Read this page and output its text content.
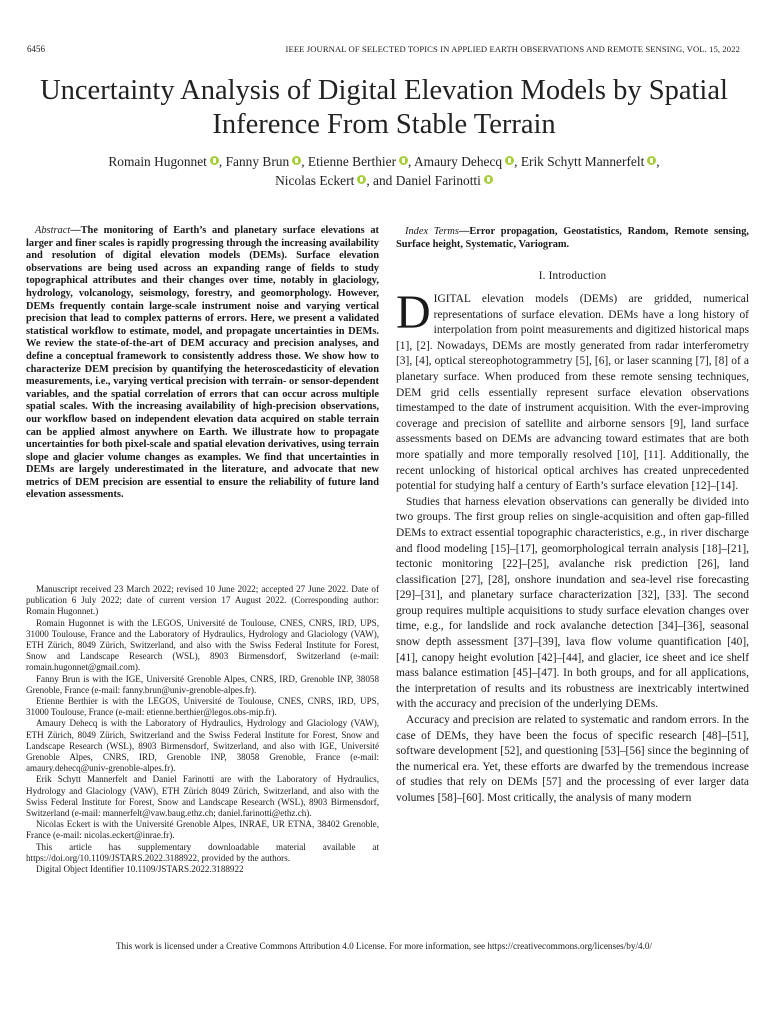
6456	IEEE JOURNAL OF SELECTED TOPICS IN APPLIED EARTH OBSERVATIONS AND REMOTE SENSING, VOL. 15, 2022
Uncertainty Analysis of Digital Elevation Models by Spatial Inference From Stable Terrain
Romain Hugonnet , Fanny Brun , Etienne Berthier , Amaury Dehecq , Erik Schytt Mannerfelt ,
Nicolas Eckert , and Daniel Farinotti
Abstract—The monitoring of Earth’s and planetary surface elevations at larger and finer scales is rapidly progressing through the increasing availability and resolution of digital elevation models (DEMs). Surface elevation observations are being used across an expanding range of fields to study topographical attributes and their changes over time, notably in glaciology, hydrology, volcanology, seismology, forestry, and geomorphology. However, DEMs frequently contain large-scale instrument noise and varying vertical precision that lead to complex patterns of errors. Here, we present a validated statistical workflow to estimate, model, and propagate uncertainties in DEMs. We review the state-of-the-art of DEM accuracy and precision analyses, and define a conceptual framework to consistently address those. We show how to characterize DEM precision by quantifying the heteroscedasticity of elevation measurements, i.e., varying vertical precision with terrain- or sensor-dependent variables, and the spatial correlation of errors that can occur across multiple spatial scales. With the increasing availability of high-precision observations, our workflow based on independent elevation data acquired on stable terrain can be applied almost anywhere on Earth. We illustrate how to propagate uncertainties for both pixel-scale and spatial elevation derivatives, using terrain slope and glacier volume changes as examples. We find that uncertainties in DEMs are largely underestimated in the literature, and advocate that new metrics of DEM precision are essential to ensure the reliability of future land elevation assessments.

Manuscript received 23 March 2022; revised 10 June 2022; accepted 27 June 2022. Date of publication 6 July 2022; date of current version 17 August 2022. (Corresponding author: Romain Hugonnet.)

Romain Hugonnet is with the LEGOS, Université de Toulouse, CNES, CNRS, IRD, UPS, 31000 Toulouse, France and the Laboratory of Hydraulics, Hydrology and Glaciology (VAW), ETH Zürich, 8049 Zürich, Switzerland, and also with the Swiss Federal Institute for Forest, Snow and Landscape Research (WSL), 8903 Birmensdorf, Switzerland (e-mail: romain.hugonnet@gmail.com).

Fanny Brun is with the IGE, Université Grenoble Alpes, CNRS, IRD, Grenoble INP, 38058 Grenoble, France (e-mail: fanny.brun@univ-grenoble-alpes.fr).

Etienne Berthier is with the LEGOS, Université de Toulouse, CNES, CNRS, IRD, UPS, 31000 Toulouse, France (e-mail: etienne.berthier@legos.obs-mip.fr).

Amaury Dehecq is with the Laboratory of Hydraulics, Hydrology and Glaciology (VAW), ETH Zürich, 8049 Zürich, Switzerland and the Swiss Federal Institute for Forest, Snow and Landscape Research (WSL), 8903 Birmensdorf, Switzerland, and also with IGE, Université Grenoble Alpes, CNRS, IRD, Grenoble INP, 38058 Grenoble, France (e-mail: amaury.dehecq@univ-grenoble-alpes.fr).

Erik Schytt Mannerfelt and Daniel Farinotti are with the Laboratory of Hydraulics, Hydrology and Glaciology (VAW), ETH Zürich 8049 Zürich, Switzerland, and also with the Swiss Federal Institute for Forest, Snow and Landscape Research (WSL), 8903 Birmensdorf, Switzerland (e-mail: mannerfelt@vaw.baug.ethz.ch; daniel.farinotti@ethz.ch).

Nicolas Eckert is with the Université Grenoble Alpes, INRAE, UR ETNA, 38402 Grenoble, France (e-mail: nicolas.eckert@inrae.fr).

This article has supplementary downloadable material available at https://doi.org/10.1109/JSTARS.2022.3188922, provided by the authors.

Digital Object Identifier 10.1109/JSTARS.2022.3188922

Index Terms—Error propagation, Geostatistics, Random, Remote sensing, Surface height, Systematic, Variogram.
I. Introduction

DIGITAL elevation models (DEMs) are gridded, numerical representations of surface elevation. DEMs have a long history of interpolation from point measurements and digitized historical maps [1], [2]. Nowadays, DEMs are mostly generated from radar interferometry [3], [4], optical stereophotogrammetry [5], [6], or laser scanning [7], [8] of a planetary surface. When produced from these remote sensing techniques, DEM grid cells essentially represent surface elevation observations timestamped to the date of instrument acquisition. With the ever-improving coverage and precision of satellite and airborne sensors [9], land surface assessments based on DEMs are advancing toward estimates that are both more spatially and more temporally resolved [10], [11]. Additionally, the recent unlocking of historical optical archives has created unprecedented potential for studying half a century of Earth’s surface elevation [12]–[14].

Studies that harness elevation observations can generally be divided into two groups. The first group relies on single-acquisition and often gap-filled DEMs to extract essential topographic characteristics, e.g., in river discharge and flood modeling [15]–[17], geomorphological terrain analysis [18]–[21], tectonic monitoring [22]–[25], avalanche risk prediction [26], land classification [27], [28], onshore inundation and sea-level rise forecasting [29]–[31], and planetary surface characterization [32], [33]. The second group requires multiple acquisitions to study surface elevation changes over time, e.g., for landslide and rock avalanche detection [34]–[36], seasonal snow depth assessment [37]–[39], lava flow volume quantification [40], [41], canopy height evolution [42]–[44], and glacier, ice sheet and ice shelf mass balance estimation [45]–[47]. In both groups, and for all applications, the interpretation of results and its robustness are inextricably intertwined with the accuracy and precision of the underlying DEMs.

Accuracy and precision are related to systematic and random errors. In the case of DEMs, they have been the focus of specific research [48]–[51], software development [52], and questioning [53]–[56] since the beginning of the numerical era. Yet, these efforts are dwarfed by the tremendous increase of studies that rely on DEMs [57] and the processing of ever larger data volumes [58]–[60]. Most critically, the analysis of many modern

This work is licensed under a Creative Commons Attribution 4.0 License. For more information, see https://creativecommons.org/licenses/by/4.0/
